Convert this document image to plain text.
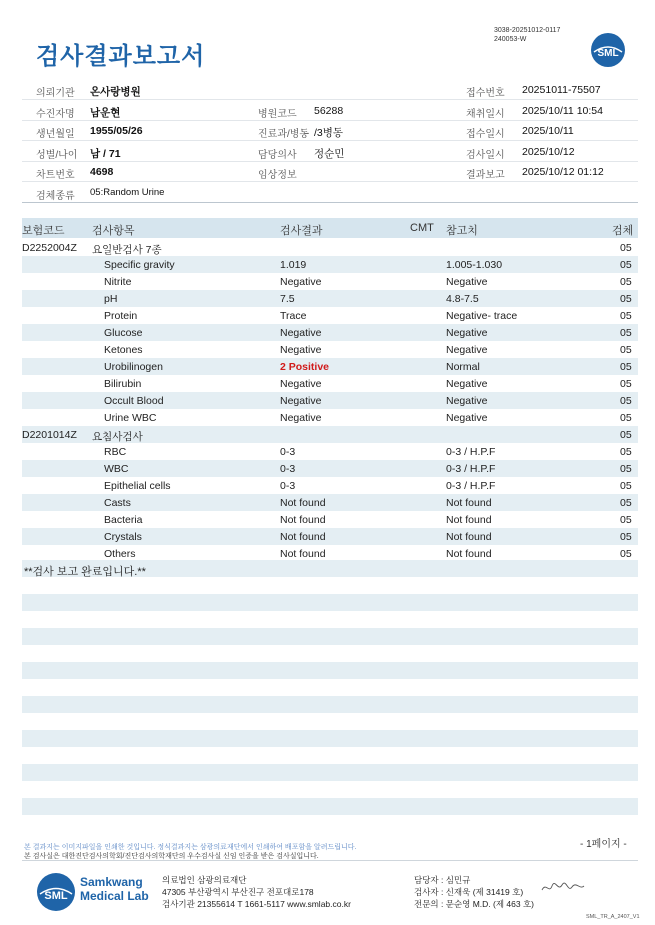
3038-20251012-0117
240053-W
검사결과보고서	SML
의뢰기관 온사랑병원	접수번호 20251011-75507
수진자명 남운현	병원코드 56288	채취일시 2025/10/11 10:54
생년월일 1955/05/26	진료과/병동 /3병동	접수일시 2025/10/11
성별/나이 남 / 71	담당의사 정순민	검사일시 2025/10/12
차트번호 4698	임상정보	결과보고 2025/10/12 01:12
검체종류 05:Random Urine
보험코드 검사항목	검사결과	CMT 참고치	검체
D2252004Z 요일반검사 7종	05
Specific gravity	1.019	1.005-1.030	05
Nitrite	Negative	Negative	05
pH	7.5	4.8-7.5	05
Protein	Trace	Negative- trace	05
Glucose	Negative	Negative	05
Ketones	Negative	Negative	05
Urobilinogen	2 Positive	Normal	05
Bilirubin	Negative	Negative	05
Occult Blood	Negative	Negative	05
Urine WBC	Negative	Negative	05
D2201014Z 요침사검사	05
RBC	0-3	0-3 / H.P.F	05
WBC	0-3	0-3 / H.P.F	05
Epithelial cells	0-3	0-3 / H.P.F	05
Casts	Not found	Not found	05
Bacteria	Not found	Not found	05
Crystals	Not found	Not found	05
Others	Not found	Not found	05
**검사 보고 완료입니다.**
본 결과지는 이미지파일을 인쇄한 것입니다. 정식결과지는 삼광의료재단에서 인쇄하여 배포함을 알려드립니다.
본 검사실은 대한진단검사의학회/진단검사의학재단의 우수검사실 신임 인증을 받은 검사실입니다.
- 1페이지 -
SML
Samkwang
Medical Lab
의료법인 삼광의료재단
47305 부산광역시 부산진구 전포대로178
검사기관 21355614 T 1661-5117 www.smlab.co.kr
담당자 : 심민규
검사자 : 신재욱 (제 31419 호)
전문의 : 문순영 M.D. (제 463 호)
SML_TR_A_2407_V1
